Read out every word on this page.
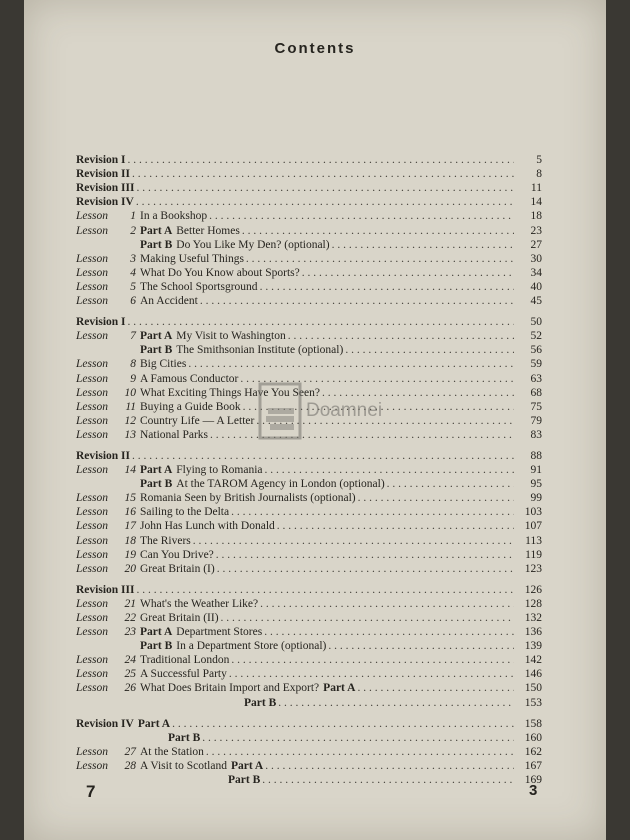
Contents
Revision I . . .	5
Revision II . . .	8
Revision III . . .	11
Revision IV . . .	14
Lesson	1 In a Bookshop . . .	18
Lesson	2 Part A Better Homes . . .	23
Part B Do You Like My Den? (optional) . . .	27
Lesson	3 Making Useful Things . . .	30
Lesson	4 What Do You Know about Sports? . . .	34
Lesson	5 The School Sportsground . . .	40
Lesson	6 An Accident . . .	45
Revision I . . .	50
Lesson	7 Part A My Visit to Washington . . .	52
Part B The Smithsonian Institute (optional) . . .	56
Lesson	8 Big Cities . . .	59
Lesson	9 A Famous Conductor . . .	63
Lesson	10 What Exciting Things Have You Seen? . . .	68
Lesson	11 Buying a Guide Book . . .	75
Lesson	12 Country Life — A Letter . . .	79
Lesson	13 National Parks . . .	83
Revision II . . .	88
Lesson	14 Part A Flying to Romania . . .	91
Part B At the TAROM Agency in London (optional) . . .	95
Lesson	15 Romania Seen by British Journalists (optional) . . .	99
Lesson	16 Sailing to the Delta . . .	103
Lesson	17 John Has Lunch with Donald . . .	107
Lesson	18 The Rivers . . .	113
Lesson	19 Can You Drive? . . .	119
Lesson	20 Great Britain (I) . . .	123
Revision III . . .	126
Lesson	21 What's the Weather Like? . . .	128
Lesson	22 Great Britain (II) . . .	132
Lesson	23 Part A Department Stores . . .	136
Part B In a Department Store (optional) . . .	139
Lesson	24 Traditional London . . .	142
Lesson	25 A Successful Party . . .	146
Lesson	26 What Does Britain Import and Export? Part A . . .	150
Part B . . .	153
Revision IV Part A . . .	158
Part B . . .	160
Lesson	27 At the Station . . .	162
Lesson	28 A Visit to Scotland Part A . . .	167
Part B . . .	169
Doamnei
7	3
